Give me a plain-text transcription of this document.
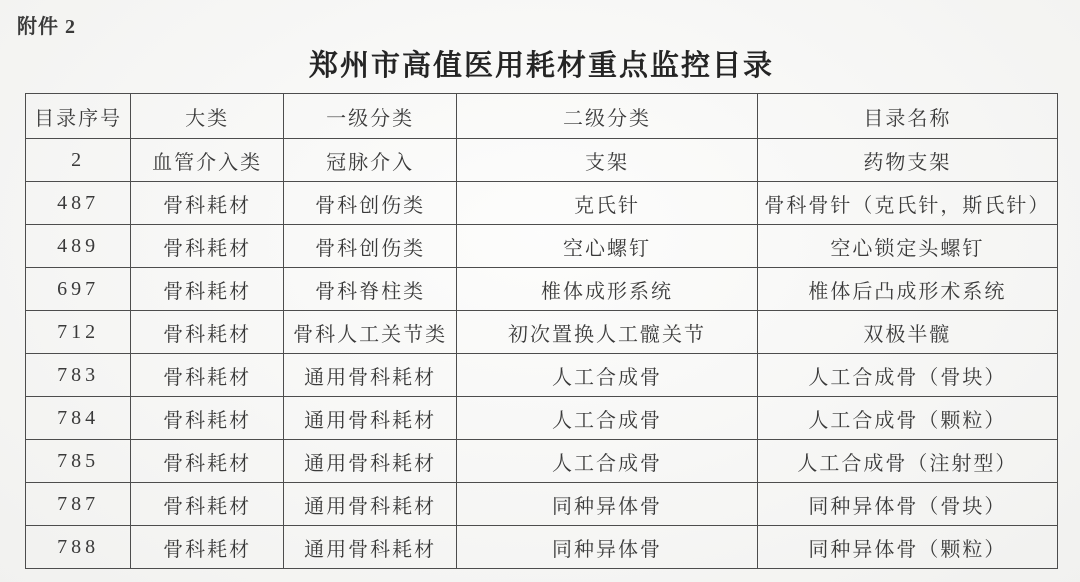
附件 2
郑州市高值医用耗材重点监控目录
目录序号	大类	一级分类	二级分类	目录名称
2	血管介入类	冠脉介入	支架	药物支架
487	骨科耗材	骨科创伤类	克氏针	骨科骨针（克氏针，斯氏针）
489	骨科耗材	骨科创伤类	空心螺钉	空心锁定头螺钉
697	骨科耗材	骨科脊柱类	椎体成形系统	椎体后凸成形术系统
712	骨科耗材	骨科人工关节类	初次置换人工髋关节	双极半髋
783	骨科耗材	通用骨科耗材	人工合成骨	人工合成骨（骨块）
784	骨科耗材	通用骨科耗材	人工合成骨	人工合成骨（颗粒）
785	骨科耗材	通用骨科耗材	人工合成骨	人工合成骨（注射型）
787	骨科耗材	通用骨科耗材	同种异体骨	同种异体骨（骨块）
788	骨科耗材	通用骨科耗材	同种异体骨	同种异体骨（颗粒）
